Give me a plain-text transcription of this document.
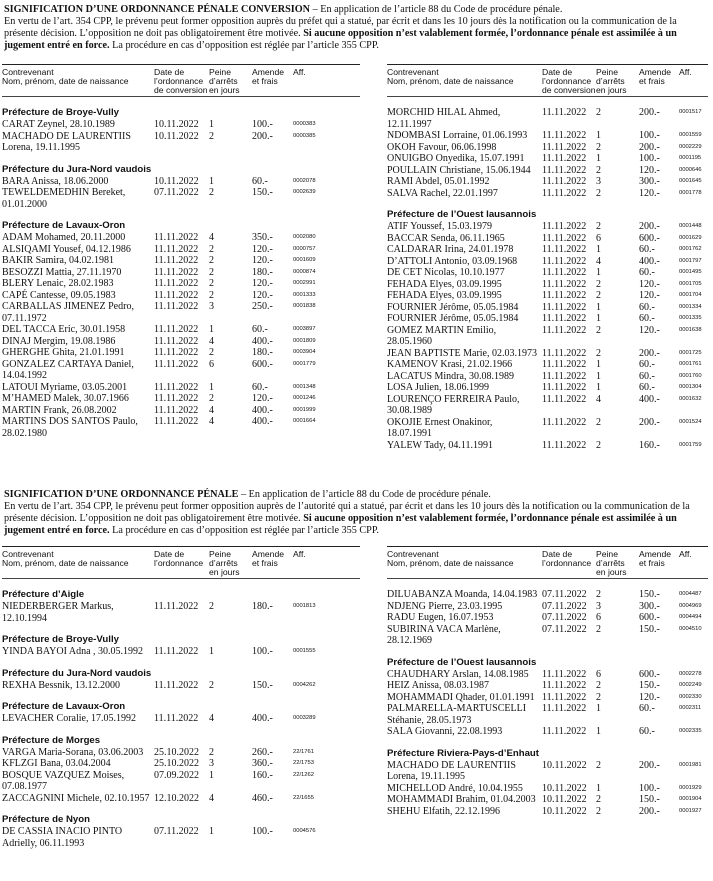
SIGNIFICATION D’UNE ORDONNANCE PÉNALE CONVERSION – En application de l’article 88 du Code de procédure pénale.
En vertu de l’art. 354 CPP, le prévenu peut former opposition auprès du préfet qui a statué, par écrit et dans les 10 jours dès la notification ou la communication de la présente décision. L’opposition ne doit pas obligatoirement être motivée. Si aucune opposition n’est valablement formée, l’ordonnance pénale est assimilée à un jugement entré en force. La procédure en cas d’opposition est réglée par l’article 355 CPP.
SIGNIFICATION D’UNE ORDONNANCE PÉNALE – En application de l’article 88 du Code de procédure pénale.
En vertu de l’art. 354 CPP, le prévenu peut former opposition auprès de l’autorité qui a statué, par écrit et dans les 10 jours dès la notification ou la communication de la présente décision. L’opposition ne doit pas obligatoirement être motivée. Si aucune opposition n’est valablement formée, l’ordonnance pénale est assimilée à un jugement entré en force. La procédure en cas d’opposition est réglée par l’article 355 CPP.
Contrevenant
Nom, prénom, date de naissance
Date de
l’ordonnance
de conversion
Peine
d’arrêts
en jours
Amende
et frais
Aff.
Préfecture de Broye-Vully
CARAT Zeynel, 28.10.1989	10.11.2022 1	100.-	0000383
MACHADO DE LAURENTIIS
Lorena, 19.11.1995
10.11.2022 2	200.-	0000385
Préfecture du Jura-Nord vaudois
BARA Anissa, 18.06.2000	10.11.2022 1	60.-	0002078
TEWELDEMEDHIN Bereket,
01.01.2000
07.11.2022 2	150.-	0002639
Préfecture de Lavaux-Oron
ADAM Mohamed, 20.11.2000	11.11.2022 4	350.-	0002080
ALSIQAMI Yousef, 04.12.1986	11.11.2022 2	120.-	0000757
BAKIR Samira, 04.02.1981	11.11.2022 2	120.-	0001609
BESOZZI Mattia, 27.11.1970	11.11.2022 2	180.-	0000874
BLERY Lenaic, 28.02.1983	11.11.2022 2	120.-	0002991
CAPÉ Cantesse, 09.05.1983	11.11.2022 2	120.-	0001333
CARBALLAS JIMENEZ Pedro,
07.11.1972
11.11.2022 3	250.-	0001838
DEL TACCA Eric, 30.01.1958	11.11.2022 1	60.-	0003897
DINAJ Mergim, 19.08.1986	11.11.2022 4	400.-	0001809
GHERGHE Ghita, 21.01.1991	11.11.2022 2	180.-	0003904
GONZALEZ CARTAYA Daniel,
14.04.1992
11.11.2022 6	600.-	0001779
LATOUI Myriame, 03.05.2001	11.11.2022 1	60.-	0001348
M’HAMED Malek, 30.07.1966	11.11.2022 2	120.-	0001246
MARTIN Frank, 26.08.2002	11.11.2022 4	400.-	0001999
MARTINS DOS SANTOS Paulo,
28.02.1980
11.11.2022 4	400.-	0001664
Contrevenant
Nom, prénom, date de naissance
Date de
l’ordonnance
de conversion
Peine
d’arrêts
en jours
Amende
et frais
Aff.
MORCHID HILAL Ahmed,
12.11.1997
11.11.2022 2	200.-	0001517
NDOMBASI Lorraine, 01.06.1993	11.11.2022 1	100.-	0001559
OKOH Favour, 06.06.1998	11.11.2022 2	200.-	0002229
ONUIGBO Onyedika, 15.07.1991	11.11.2022 1	100.-	0001195
POULLAIN Christiane, 15.06.1944	11.11.2022 2	120.-	0000646
RAMI Abdel, 05.01.1992	11.11.2022 3	300.-	0001645
SALVA Rachel, 22.01.1997	11.11.2022 2	120.-	0001778
Préfecture de l’Ouest lausannois
ATIF Youssef, 15.03.1979	11.11.2022 2	200.-	0001448
BACCAR Senda, 06.11.1965	11.11.2022 6	600.-	0001629
CALDARAR Irina, 24.01.1978	11.11.2022 1	60.-	0001762
D’ATTOLI Antonio, 03.09.1968	11.11.2022 4	400.-	0001797
DE CET Nicolas, 10.10.1977	11.11.2022 1	60.-	0001495
FEHADA Elyes, 03.09.1995	11.11.2022 2	120.-	0001705
FEHADA Elyes, 03.09.1995	11.11.2022 2	120.-	0001704
FOURNIER Jérôme, 05.05.1984	11.11.2022 1	60.-	0001334
FOURNIER Jérôme, 05.05.1984	11.11.2022 1	60.-	0001335
GOMEZ MARTIN Emilio,
28.05.1960
11.11.2022 2	120.-	0001638
JEAN BAPTISTE Marie, 02.03.1973 11.11.2022 2	200.-	0001725
KAMENOV Krasi, 21.02.1966	11.11.2022 1	60.-	0001761
LACATUS Mindra, 30.08.1989	11.11.2022 1	60.-	0001760
LOSA Julien, 18.06.1999	11.11.2022 1	60.-	0001304
LOURENÇO FERREIRA Paulo,
30.08.1989
11.11.2022 4	400.-	0001632
OKOJIE Ernest Onakinor,
18.07.1991
11.11.2022 2	200.-	0001524
YALEW Tady, 04.11.1991	11.11.2022 2	160.-	0001759
Contrevenant
Nom, prénom, date de naissance
Date de
l’ordonnance
Peine
d’arrêts
en jours
Amende
et frais
Aff.
Préfecture d’Aigle
NIEDERBERGER Markus,
12.10.1994
11.11.2022 2	180.-	0001813
Préfecture de Broye-Vully
YINDA BAYOI Adna , 30.05.1992	11.11.2022 1	100.-	0001555
Préfecture du Jura-Nord vaudois
REXHA Bessnik, 13.12.2000	11.11.2022 2	150.-	0004262
Préfecture de Lavaux-Oron
LEVACHER Coralie, 17.05.1992	11.11.2022 4	400.-	0003289
Préfecture de Morges
VARGA Maria-Sorana, 03.06.2003	25.10.2022 2	260.-	22/1761
KFLZGI Bana, 03.04.2004	25.10.2022 3	360.-	22/1753
BOSQUE VAZQUEZ Moises,
07.08.1977
07.09.2022 1	160.-	22/1262
ZACCAGNINI Michele, 02.10.1957 12.10.2022 4	460.-	22/1655
Préfecture de Nyon
DE CASSIA INACIO PINTO
Adrielly, 06.11.1993
07.11.2022 1	100.-	0004576
Contrevenant
Nom, prénom, date de naissance
Date de
l’ordonnance
Peine
d’arrêts
en jours
Amende
et frais
Aff.
DILUABANZA Moanda, 14.04.1983 07.11.2022 2	150.-	0004487
NDJENG Pierre, 23.03.1995	07.11.2022 3	300.-	0004969
RADU Eugen, 16.07.1953	07.11.2022 6	600.-	0004494
SUBIRINA VACA Marlène,
28.12.1969
07.11.2022 2	150.-	0004510
Préfecture de l’Ouest lausannois
CHAUDHARY Arslan, 14.08.1985	11.11.2022 6	600.-	0002278
HEIZ Anissa, 08.03.1987	11.11.2022 2	150.-	0002249
MOHAMMADI Qhader, 01.01.1991 11.11.2022 2	120.-	0002330
PALMARELLA-MARTUSCELLI
Stéhanie, 28.05.1973
11.11.2022 1	60.-	0002311
SALA Giovanni, 22.08.1993	11.11.2022 1	60.-	0002335
Préfecture Riviera-Pays-d’Enhaut
MACHADO DE LAURENTIIS
Lorena, 19.11.1995
10.11.2022 2	200.-	0001981
MICHELLOD André, 10.04.1955	10.11.2022 1	100.-	0001929
MOHAMMADI Brahim, 01.04.2003 10.11.2022 2	150.-	0001904
SHEHU Elfatih, 22.12.1996	10.11.2022 2	200.-	0001927
